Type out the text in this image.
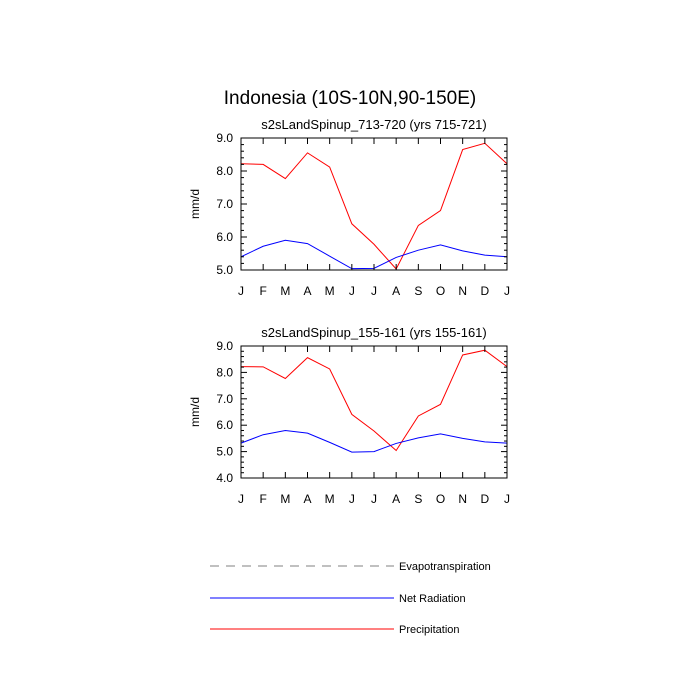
Indonesia (10S-10N,90-150E)
s2sLandSpinup_713-720 (yrs 715-721)
mm/d
J F M A M J J A S O N D J
5.0
6.0
7.0
8.0
9.0
s2sLandSpinup_155-161 (yrs 155-161)
mm/d
J F M A M J J A S O N D J
4.0
5.0
6.0
7.0
8.0
9.0
Evapotranspiration
Net Radiation
Precipitation
